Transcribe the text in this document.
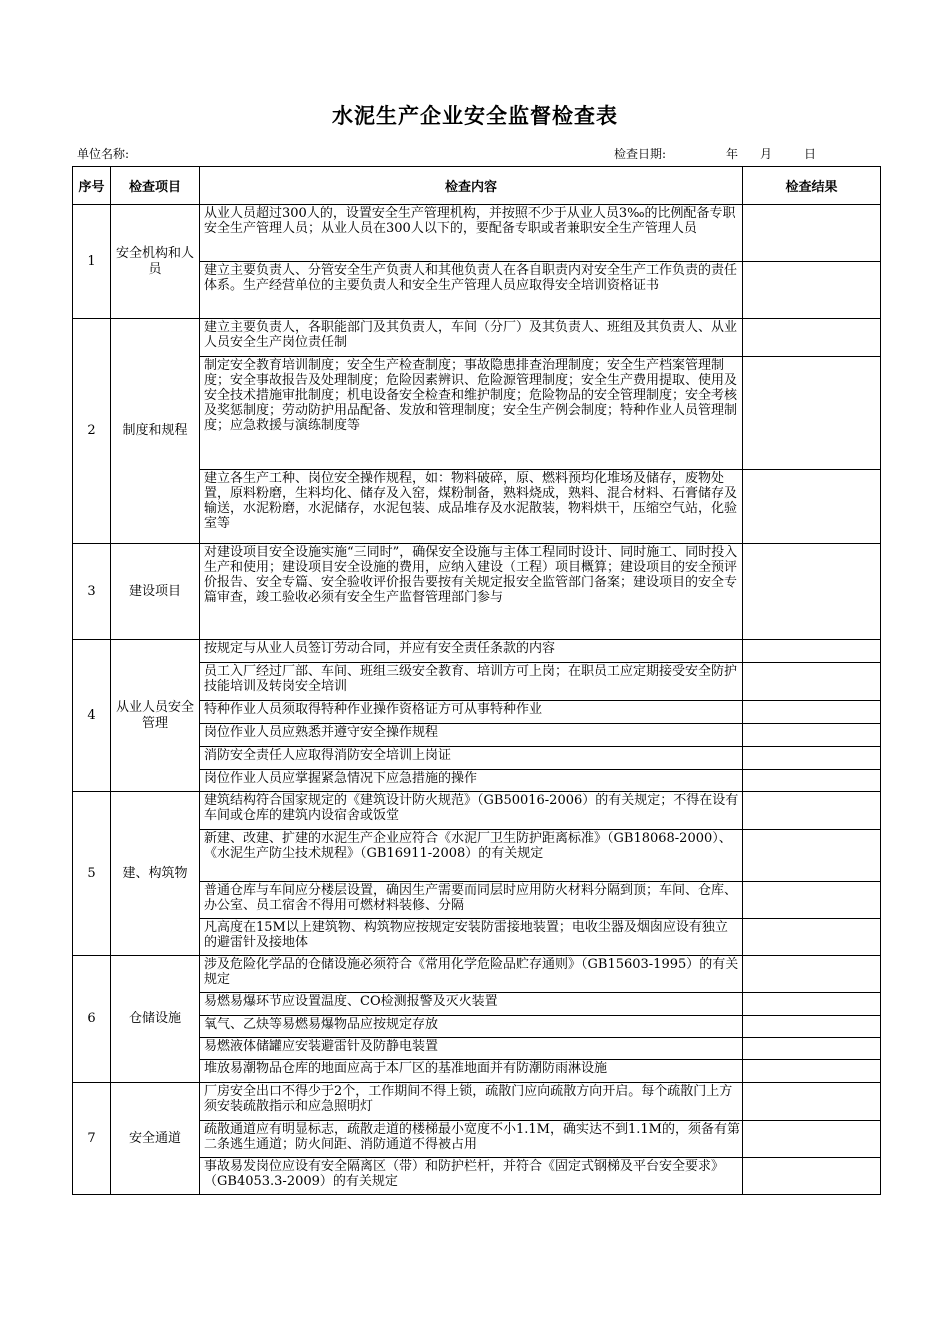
水泥生产企业安全监督检查表
单位名称:	检查日期:	年 月	日
序号	检查项目	检查内容	检查结果
1	安全机构和人员	从业人员超过300人的，设置安全生产管理机构，并按照不少于从业人员3‰的比例配备专职安全生产管理人员；从业人员在300人以下的，要配备专职或者兼职安全生产管理人员	
		建立主要负责人、分管安全生产负责人和其他负责人在各自职责内对安全生产工作负责的责任体系。生产经营单位的主要负责人和安全生产管理人员应取得安全培训资格证书	
2	制度和规程	建立主要负责人，各职能部门及其负责人，车间（分厂）及其负责人、班组及其负责人、从业人员安全生产岗位责任制	
		制定安全教育培训制度；安全生产检查制度；事故隐患排查治理制度；安全生产档案管理制度；安全事故报告及处理制度；危险因素辨识、危险源管理制度；安全生产费用提取、使用及安全技术措施审批制度；机电设备安全检查和维护制度；危险物品的安全管理制度；安全考核及奖惩制度；劳动防护用品配备、发放和管理制度；安全生产例会制度；特种作业人员管理制度；应急救援与演练制度等	
		建立各生产工种、岗位安全操作规程，如：物料破碎，原、燃料预均化堆场及储存，废物处置，原料粉磨，生料均化、储存及入窑，煤粉制备，熟料烧成，熟料、混合材料、石膏储存及输送，水泥粉磨，水泥储存，水泥包装、成品堆存及水泥散装，物料烘干，压缩空气站，化验室等	
3	建设项目	对建设项目安全设施实施“三同时”，确保安全设施与主体工程同时设计、同时施工、同时投入生产和使用；建设项目安全设施的费用，应纳入建设（工程）项目概算；建设项目的安全预评价报告、安全专篇、安全验收评价报告要按有关规定报安全监管部门备案；建设项目的安全专篇审查，竣工验收必须有安全生产监督管理部门参与	
4	从业人员安全管理	按规定与从业人员签订劳动合同，并应有安全责任条款的内容	
		员工入厂经过厂部、车间、班组三级安全教育、培训方可上岗；在职员工应定期接受安全防护技能培训及转岗安全培训	
		特种作业人员须取得特种作业操作资格证方可从事特种作业	
		岗位作业人员应熟悉并遵守安全操作规程	
		消防安全责任人应取得消防安全培训上岗证	
		岗位作业人员应掌握紧急情况下应急措施的操作	
5	建、构筑物	建筑结构符合国家规定的《建筑设计防火规范》（GB50016-2006）的有关规定；不得在设有车间或仓库的建筑内设宿舍或饭堂	
		新建、改建、扩建的水泥生产企业应符合《水泥厂卫生防护距离标准》（GB18068-2000）、《水泥生产防尘技术规程》（GB16911-2008）的有关规定	
		普通仓库与车间应分楼层设置，确因生产需要而同层时应用防火材料分隔到顶；车间、仓库、办公室、员工宿舍不得用可燃材料装修、分隔	
		凡高度在15M以上建筑物、构筑物应按规定安装防雷接地装置；电收尘器及烟囱应设有独立的避雷针及接地体	
6	仓储设施	涉及危险化学品的仓储设施必须符合《常用化学危险品贮存通则》（GB15603-1995）的有关规定	
		易燃易爆环节应设置温度、CO检测报警及灭火装置	
		氧气、乙炔等易燃易爆物品应按规定存放	
		易燃液体储罐应安装避雷针及防静电装置	
		堆放易潮物品仓库的地面应高于本厂区的基准地面并有防潮防雨淋设施	
7	安全通道	厂房安全出口不得少于2个，工作期间不得上锁，疏散门应向疏散方向开启。每个疏散门上方须安装疏散指示和应急照明灯	
		疏散通道应有明显标志，疏散走道的楼梯最小宽度不小1.1M，确实达不到1.1M的，须备有第二条逃生通道；防火间距、消防通道不得被占用	
		事故易发岗位应设有安全隔离区（带）和防护栏杆，并符合《固定式钢梯及平台安全要求》（GB4053.3-2009）的有关规定	
